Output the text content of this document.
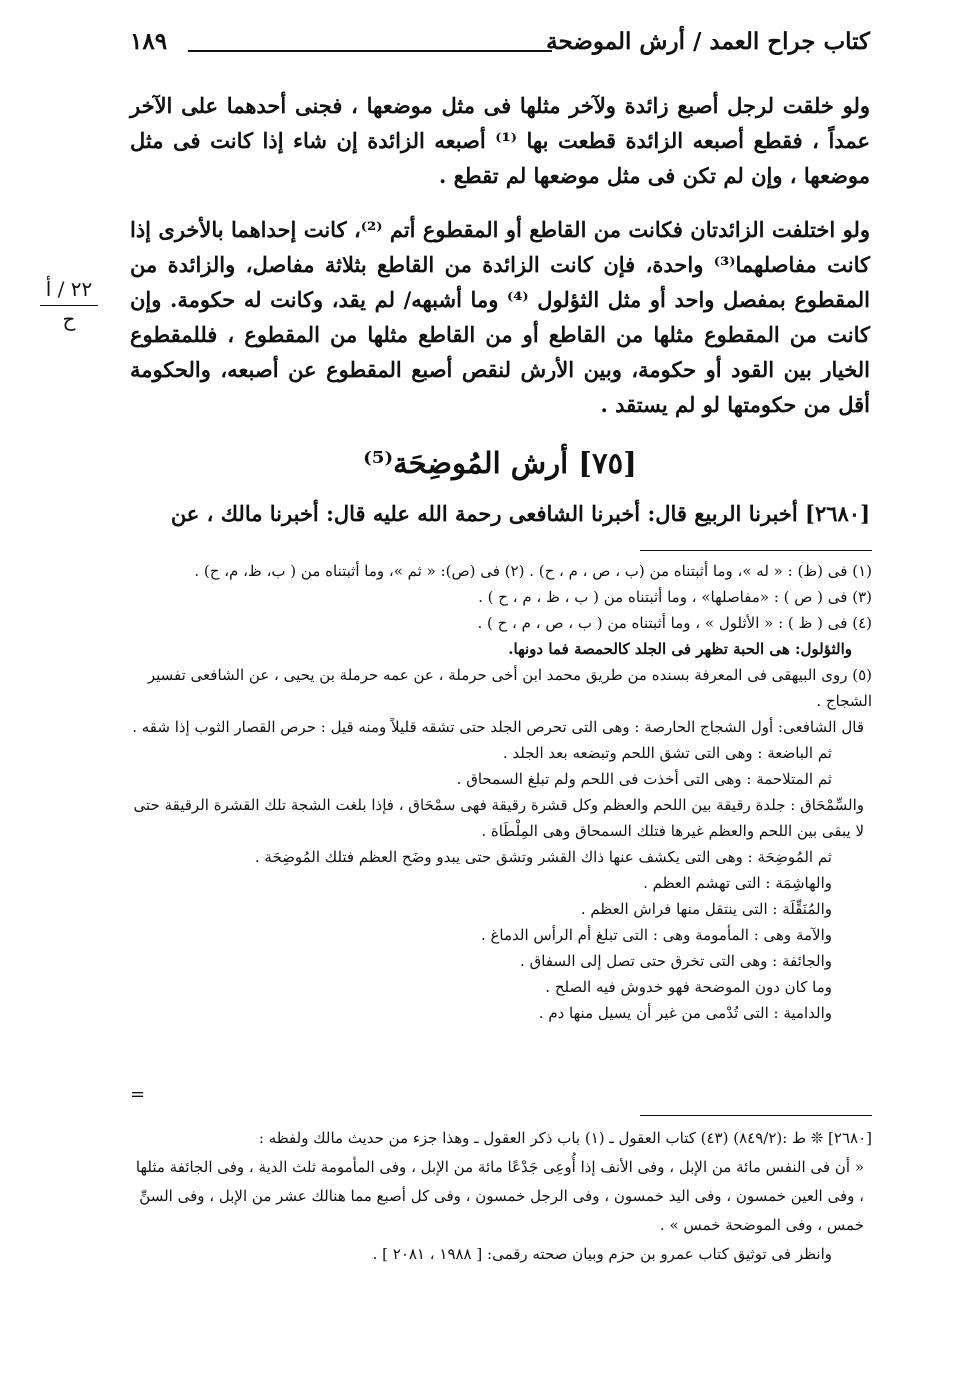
كتاب جراح العمد / أرش الموضحة
١٨٩
٢٢ / أ
ح

ولو خلقت لرجل أصبع زائدة ولآخر مثلها فى مثل موضعها ، فجنى أحدهما على الآخر عمداً ، فقطع أصبعه الزائدة قطعت بها ⁽¹⁾ أصبعه الزائدة إن شاء إذا كانت فى مثل موضعها ، وإن لم تكن فى مثل موضعها لم تقطع .

ولو اختلفت الزائدتان فكانت من القاطع أو المقطوع أتم ⁽²⁾، كانت إحداهما بالأخرى إذا كانت مفاصلهما⁽³⁾ واحدة، فإن كانت الزائدة من القاطع بثلاثة مفاصل، والزائدة من المقطوع بمفصل واحد أو مثل الثؤلول ⁽⁴⁾ وما أشبهه/ لم يقد، وكانت له حكومة. وإن كانت من المقطوع مثلها من القاطع أو من القاطع مثلها من المقطوع ، فللمقطوع الخيار بين القود أو حكومة، وبين الأرش لنقص أصبع المقطوع عن أصبعه، والحكومة أقل من حكومتها لو لم يستقد .

[٧٥] أرش المُوضِحَة⁽⁵⁾

[٢٦٨٠] أخبرنا الربيع قال: أخبرنا الشافعى رحمة الله عليه قال: أخبرنا مالك ، عن

(١) فى (ظ) : « له »، وما أثبتناه من (ب ، ص ، م ، ح) . (٢) فى (ص): « ثم »، وما أثبتناه من ( ب، ظ، م، ح) .

(٣) فى ( ص ) : «مفاصلها» ، وما أثبتناه من ( ب ، ظ ، م ، ح ) .

(٤) فى ( ظ ) : « الأثلول » ، وما أثبتناه من ( ب ، ص ، م ، ح ) .

والثؤلول: هى الحبة تظهر فى الجلد كالحمصة فما دونها.

(٥) روى البيهقى فى المعرفة بسنده من طريق محمد ابن أخى حرملة ، عن عمه حرملة بن يحيى ، عن الشافعى تفسير الشجاج .

قال الشافعى: أول الشجاج الحارصة : وهى التى تحرص الجلد حتى تشقه قليلاً ومنه قيل : حرص القصار الثوب إذا شقه .

ثم الباضعة : وهى التى تشق اللحم وتبضعه بعد الجلد .

ثم المتلاحمة : وهى التى أخذت فى اللحم ولم تبلغ السمحاق .

والسِّمْحَاق : جلدة رقيقة بين اللحم والعظم وكل قشرة رقيقة فهى سمْحَاق ، فإذا بلغت الشجة تلك القشرة الرقيقة حتى لا يبقى بين اللحم والعظم غيرها فتلك السمحاق وهى المِلْطَاة .

ثم المُوضِحَة : وهى التى يكشف عنها ذاك القشر وتشق حتى يبدو وضَح العظم فتلك المُوضِحَة .

والهاشِمَة : التى تهشم العظم .

والمُنَقِّلَة : التى ينتقل منها فراش العظم .

والآمة وهى : المأمومة وهى : التى تبلغ أم الرأس الدماغ .

والجائفة : وهى التى تخرق حتى تصل إلى السفاق .

وما كان دون الموضحة فهو خدوش فيه الصلح .

والدامية : التى تُدْمى من غير أن يسيل منها دم .

=

[٢٦٨٠] ❊ ط :(٨٤٩/٢) (٤٣) كتاب العقول ـ (١) باب ذكر العقول ـ وهذا جزء من حديث مالك ولفظه :

« أن فى النفس مائة من الإبل ، وفى الأنف إذا أُوعِى جَدْعًا مائة من الإبل ، وفى المأمومة ثلث الدية ، وفى الجائفة مثلها ، وفى العين خمسون ، وفى اليد خمسون ، وفى الرجل خمسون ، وفى كل أصبع مما هنالك عشر من الإبل ، وفى السنِّ خمس ، وفى الموضحة خمس » .

وانظر فى توثيق كتاب عمرو بن حزم وبيان صحته رقمى: [ ١٩٨٨ ، ٢٠٨١ ] .
